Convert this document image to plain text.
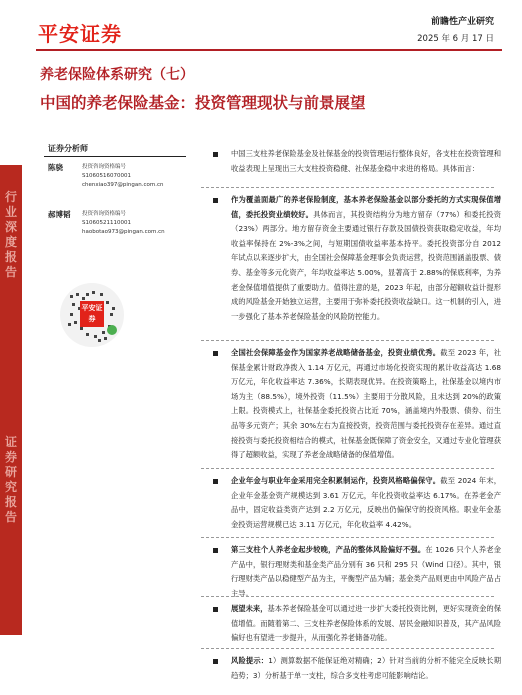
平安证券	前瞻性产业研究
2025 年 6 月 17 日
养老保险体系研究（七）
中国的养老保险基金：投资管理现状与前景展望
行业深度报告
证券研究报告
证券分析师
陈骁	投资咨询资格编号
S1060516070001
chenxiao397@pingan.com.cn
郝博韬 投资咨询资格编号
S1060521110001
haobotao973@pingan.com.cn
平安证券
中国三支柱养老保险基金及社保基金的投资管理运行整体良好，各支柱在投资管理和收益表现上呈现出三大支柱投资稳健、社保基金稳中求进的格局。具体而言：
作为覆盖面最广的养老保险制度，基本养老保险基金以部分委托的方式实现保值增值，委托投资业绩较好。具体而言，其投资结构分为地方留存（77%）和委托投资（23%）两部分。地方留存资金主要通过银行存款及国债投资获取稳定收益，年均收益率保持在 2%-3%之间，与短期国债收益率基本持平。委托投资部分自 2012 年试点以来逐步扩大，由全国社会保障基金理事会负责运营，投资范围涵盖股票、债券、基金等多元化资产，年均收益率达 5.00%，显著高于 2.88%的保底利率，为养老金保值增值提供了重要助力。值得注意的是，2023 年起，由部分超额收益计提形成的风险基金开始独立运营，主要用于弥补委托投资收益缺口。这一机制的引入，进一步强化了基本养老保险基金的风险防控能力。
全国社会保障基金作为国家养老战略储备基金，投资业绩优秀。截至 2023 年，社保基金累计财政净拨入 1.14 万亿元，再通过市场化投资实现的累计收益高达 1.68 万亿元，年化收益率达 7.36%，长期表现优异。在投资策略上，社保基金以境内市场为主（88.5%），境外投资（11.5%）主要用于分散风险，且未达到 20%的政策上限。投资模式上，社保基金委托投资占比近 70%，涵盖境内外股票、债券、衍生品等多元资产；其余 30%左右为直接投资，投资范围与委托投资存在差异。通过直接投资与委托投资相结合的模式，社保基金既保障了资金安全，又通过专业化管理获得了超额收益，实现了养老金战略储备的保值增值。
企业年金与职业年金采用完全积累制运作，投资风格略偏保守。截至 2024 年末，企业年金基金资产规模达到 3.61 万亿元，年化投资收益率达 6.17%。在养老金产品中，固定收益类资产达到 2.2 万亿元，反映出仍偏保守的投资风格。职业年金基金投资运营规模已达 3.11 万亿元，年化收益率 4.42%。
第三支柱个人养老金起步较晚，产品的整体风险偏好不强。在 1026 只个人养老金产品中，银行理财类和基金类产品分别有 36 只和 295 只（Wind 口径）。其中，银行理财类产品以稳健型产品为主，平衡型产品为辅；基金类产品则更由中风险产品占主导。
展望未来，基本养老保险基金可以通过进一步扩大委托投资比例，更好实现资金的保值增值。而随着第二、三支柱养老保险体系的发展、居民金融知识普及，其产品风险偏好也有望进一步提升，从而强化养老储备功能。
风险提示：1）测算数据不能保证绝对精确；2）针对当前的分析不能完全反映长期趋势；3）分析基于单一支柱，综合多支柱考虑可能影响结论。
